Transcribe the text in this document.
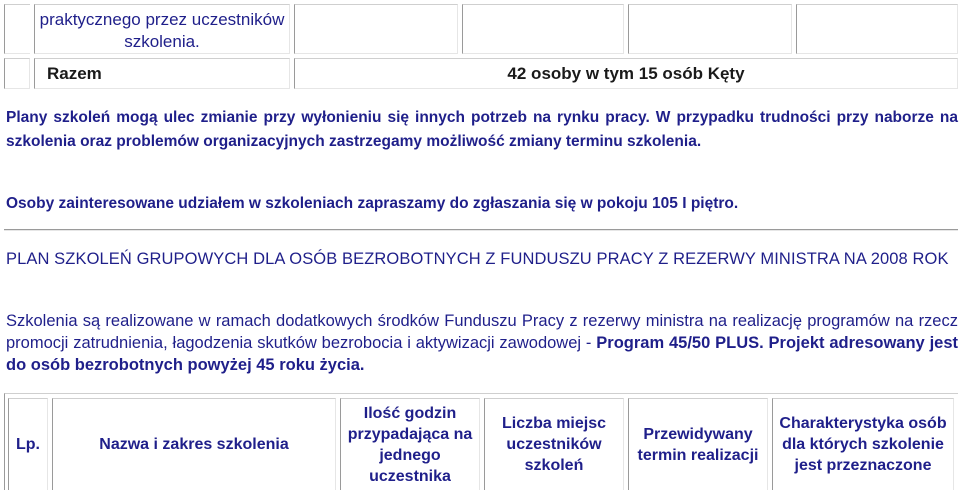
praktycznego przez uczestników szkolenia.
Razem	42 osoby w tym 15 osób Kęty
Plany szkoleń mogą ulec zmianie przy wyłonieniu się innych potrzeb na rynku pracy. W przypadku trudności przy naborze na szkolenia oraz problemów organizacyjnych zastrzegamy możliwość zmiany terminu szkolenia.
Osoby zainteresowane udziałem w szkoleniach zapraszamy do zgłaszania się w pokoju 105 I piętro.
PLAN SZKOLEŃ GRUPOWYCH DLA OSÓB BEZROBOTNYCH Z FUNDUSZU PRACY Z REZERWY MINISTRA NA 2008 ROK
Szkolenia są realizowane w ramach dodatkowych środków Funduszu Pracy z rezerwy ministra na realizację programów na rzecz promocji zatrudnienia, łagodzenia skutków bezrobocia i aktywizacji zawodowej - Program 45/50 PLUS. Projekt adresowany jest do osób bezrobotnych powyżej 45 roku życia.
Lp.	Nazwa i zakres szkolenia
Ilość godzin przypadająca na jednego uczestnika
Liczba miejsc uczestników szkoleń
Przewidywany termin realizacji
Charakterystyka osób dla których szkolenie jest przeznaczone
